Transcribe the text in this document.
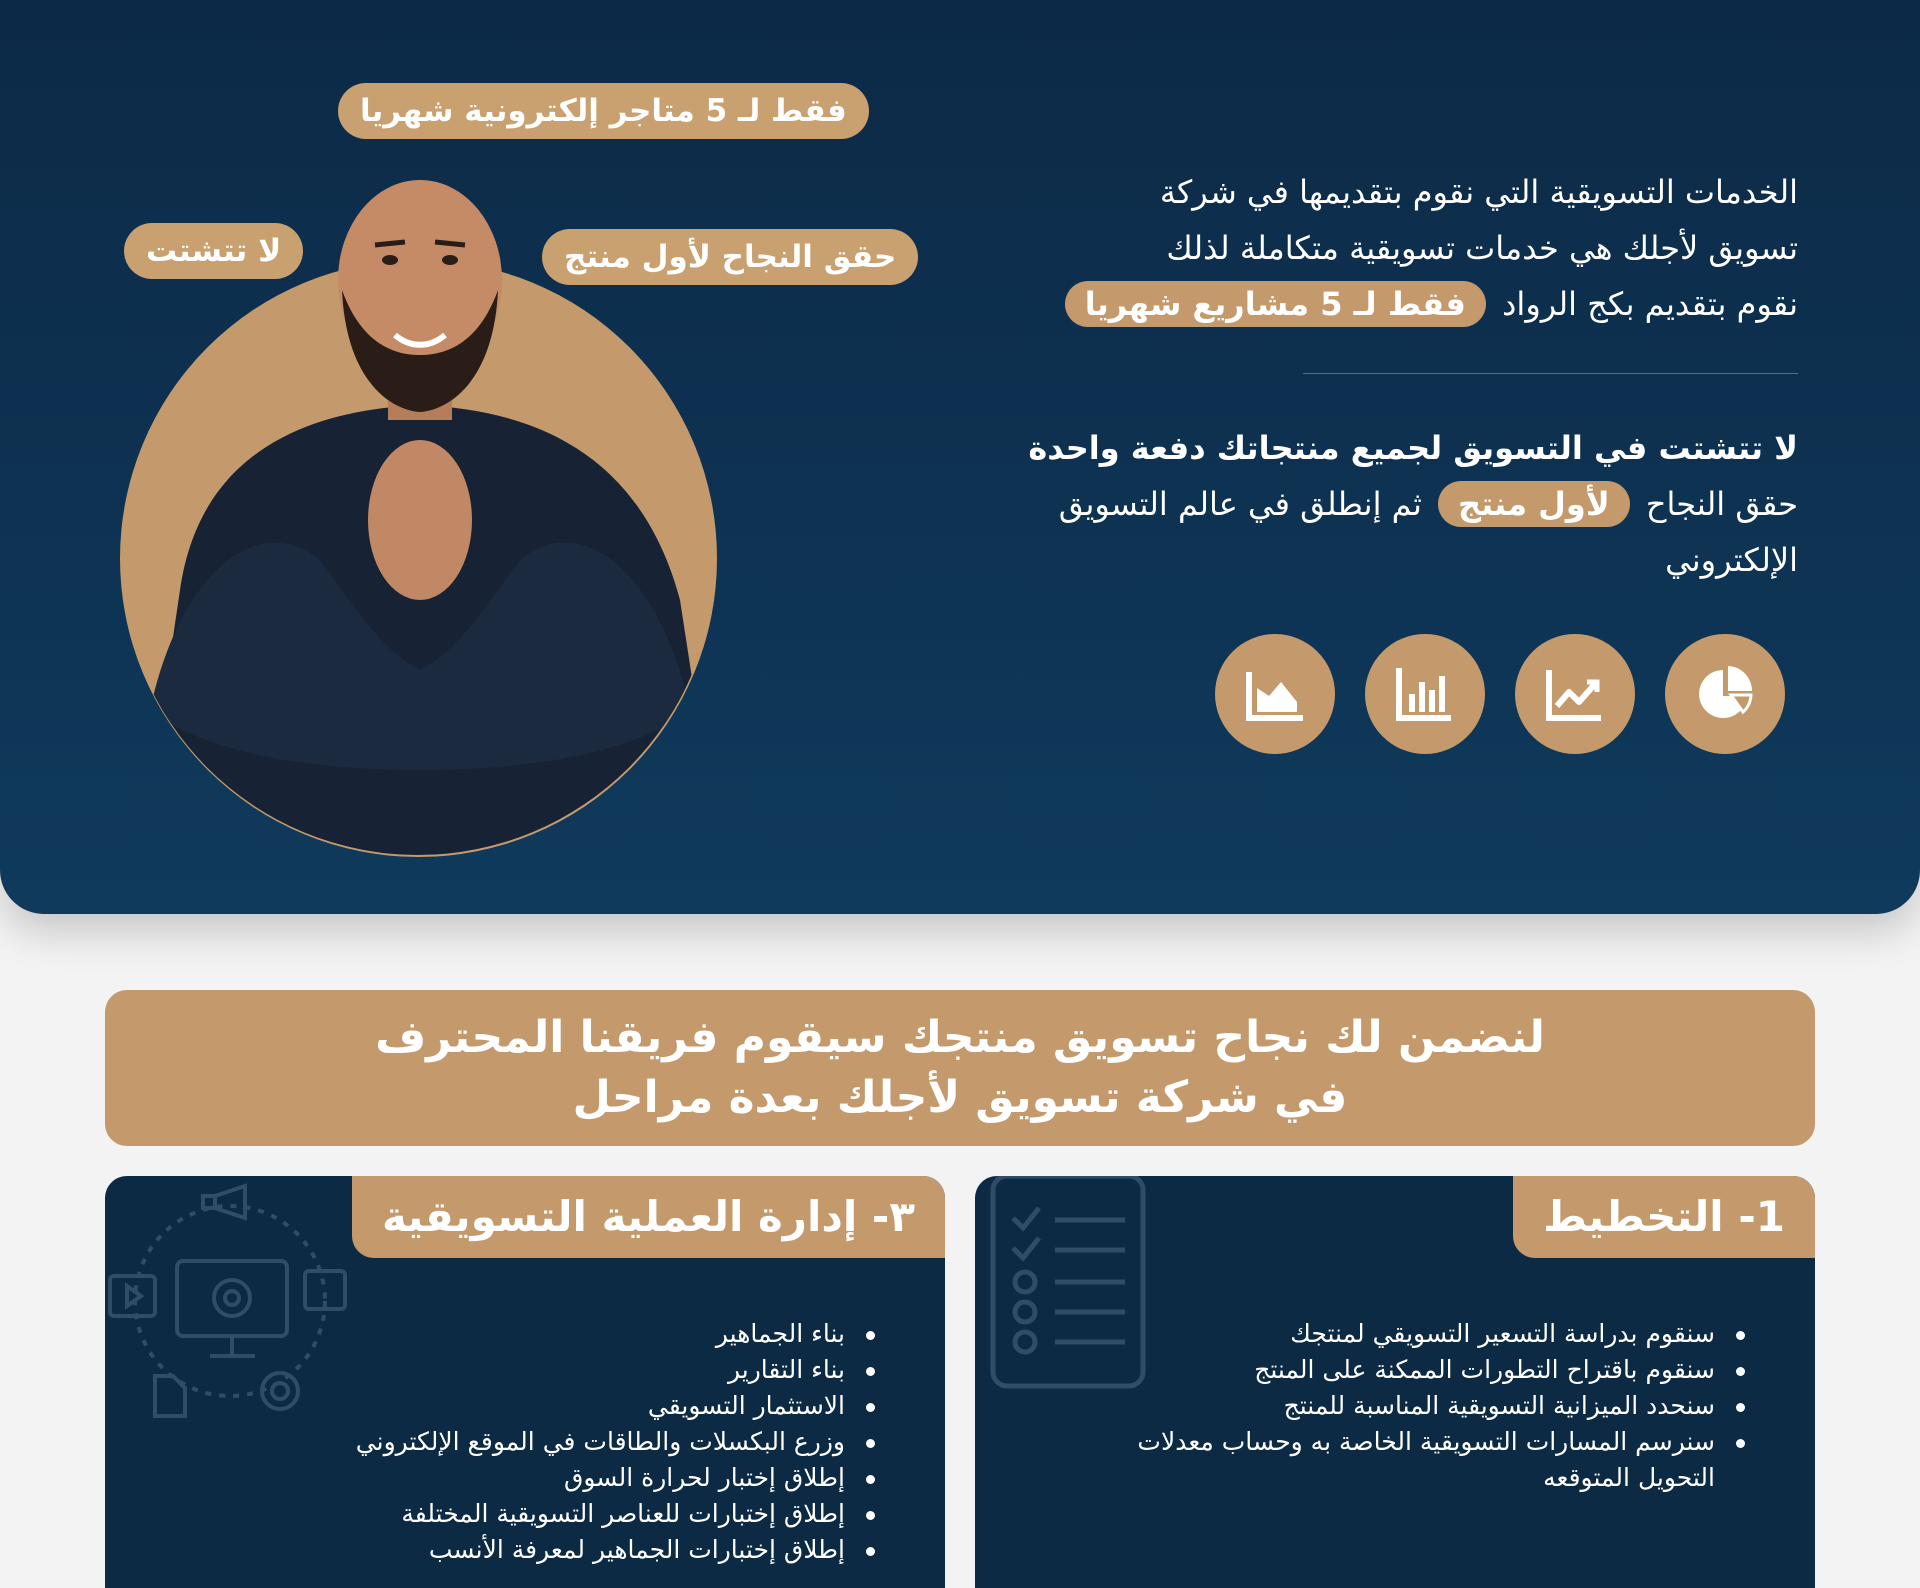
الخدمات التسويقية التي نقوم بتقديمها في شركة

تسويق لأجلك هي خدمات تسويقية متكاملة لذلك

نقوم بتقديم بكج الرواد فقط لـ 5 مشاريع شهريا

لا تتشتت في التسويق لجميع منتجاتك دفعة واحدة

حقق النجاح لأول منتج ثم إنطلق في عالم التسويق

الإلكتروني

فقط لـ 5 متاجر إلكترونية شهريا
لا تتشتت	حقق النجاح لأول منتج
لنضمن لك نجاح تسويق منتجك سيقوم فريقنا المحترف
في شركة تسويق لأجلك بعدة مراحل
1- التخطيط
سنقوم بدراسة التسعير التسويقي لمنتجك
سنقوم باقتراح التطورات الممكنة على المنتج
سنحدد الميزانية التسويقية المناسبة للمنتج
سنرسم المسارات التسويقية الخاصة به وحساب معدلات التحويل المتوقعه
٣- إدارة العملية التسويقية
بناء الجماهير
بناء التقارير
الاستثمار التسويقي
وزرع البكسلات والطاقات في الموقع الإلكتروني
إطلاق إختبار لحرارة السوق
إطلاق إختبارات للعناصر التسويقية المختلفة
إطلاق إختبارات الجماهير لمعرفة الأنسب
